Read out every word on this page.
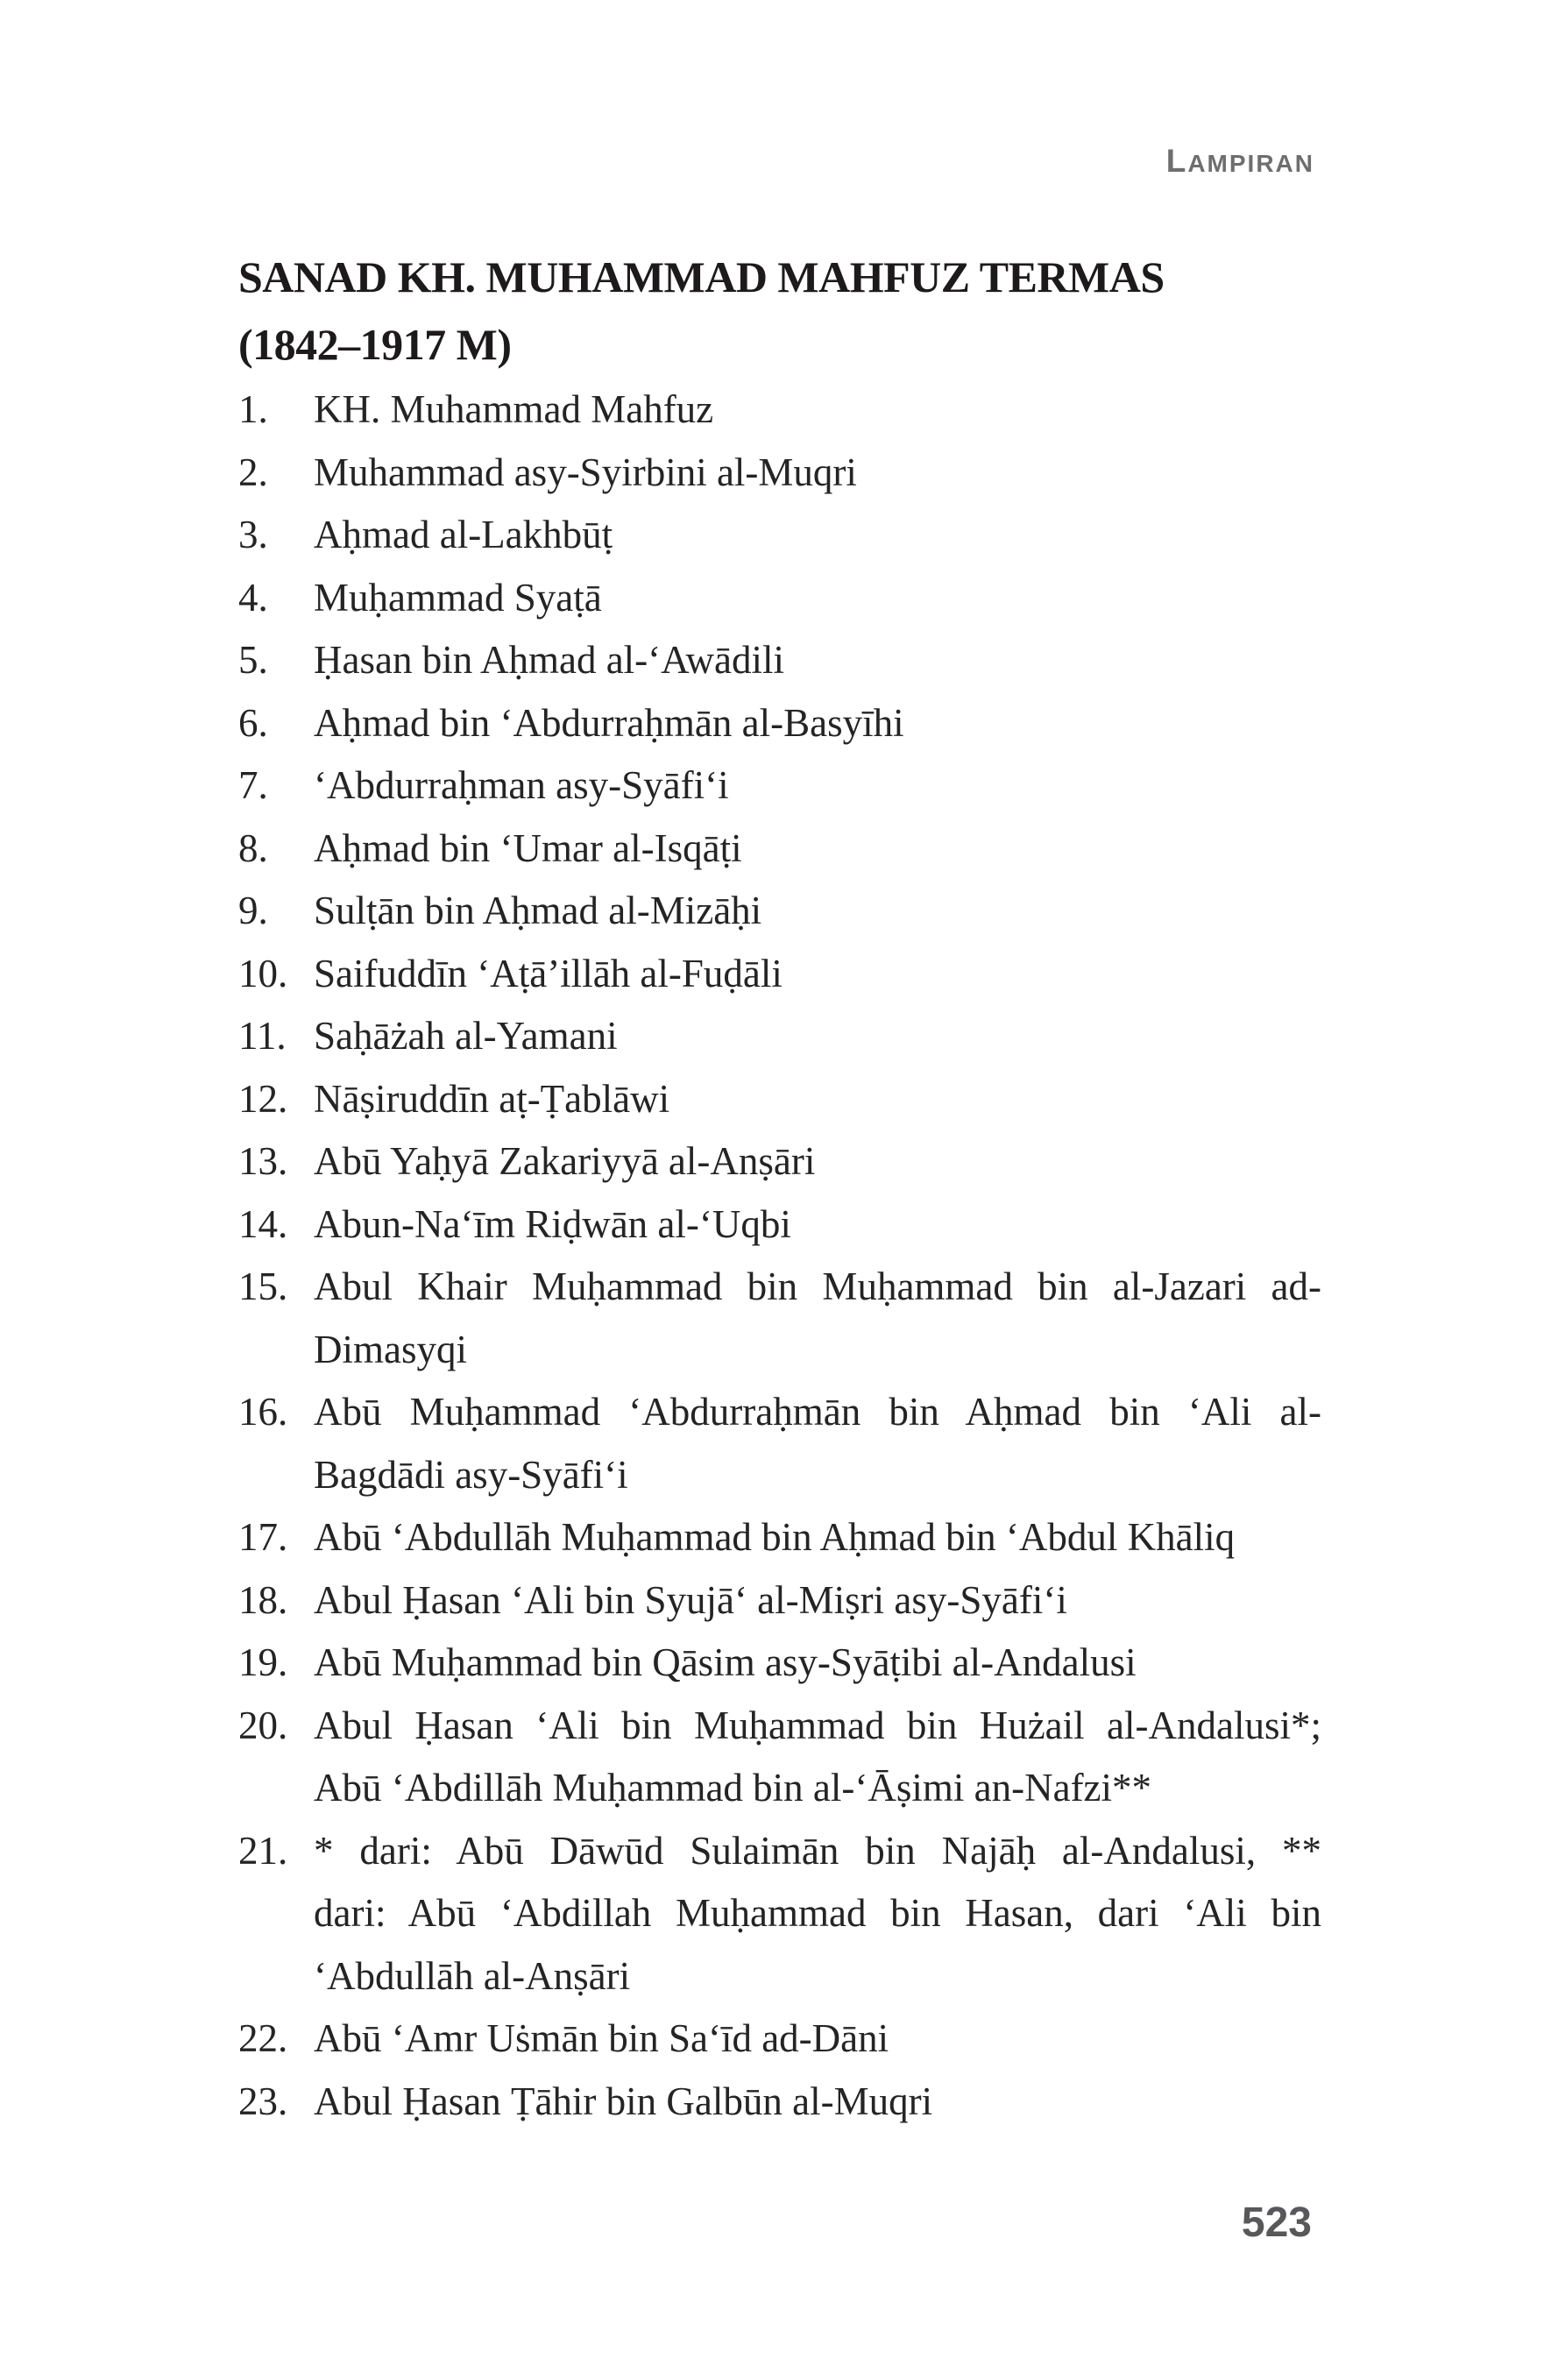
LAMPIRAN
SANAD KH. MUHAMMAD MAHFUZ TERMAS
(1842–1917 M)
1. KH. Muhammad Mahfuz
2. Muhammad asy-Syirbini al-Muqri
3. Aḥmad al-Lakhbūṭ
4. Muḥammad Syaṭā
5. Ḥasan bin Aḥmad al-‘Awādili
6. Aḥmad bin ‘Abdurraḥmān al-Basyīhi
7. ‘Abdurraḥman asy-Syāfi‘i
8. Aḥmad bin ‘Umar al-Isqāṭi
9. Sulṭān bin Aḥmad al-Mizāḥi
10. Saifuddīn ‘Aṭā’illāh al-Fuḍāli
11. Saḥāżah al-Yamani
12. Nāṣiruddīn aṭ-Ṭablāwi
13. Abū Yaḥyā Zakariyyā al-Anṣāri
14. Abun-Na‘īm Riḍwān al-‘Uqbi
15. Abul Khair Muḥammad bin Muḥammad bin al-Jazari ad-
Dimasyqi
16. Abū Muḥammad ‘Abdurraḥmān bin Aḥmad bin ‘Ali al-
Bagdādi asy-Syāfi‘i
17. Abū ‘Abdullāh Muḥammad bin Aḥmad bin ‘Abdul Khāliq
18. Abul Ḥasan ‘Ali bin Syujā‘ al-Miṣri asy-Syāfi‘i
19. Abū Muḥammad bin Qāsim asy-Syāṭibi al-Andalusi
20. Abul Ḥasan ‘Ali bin Muḥammad bin Hużail al-Andalusi*;
Abū ‘Abdillāh Muḥammad bin al-‘Āṣimi an-Nafzi**
21. * dari: Abū Dāwūd Sulaimān bin Najāḥ al-Andalusi, **
dari: Abū ‘Abdillah Muḥammad bin Hasan, dari ‘Ali bin
‘Abdullāh al-Anṣāri
22. Abū ‘Amr Uṡmān bin Sa‘īd ad-Dāni
23. Abul Ḥasan Ṭāhir bin Galbūn al-Muqri
523
